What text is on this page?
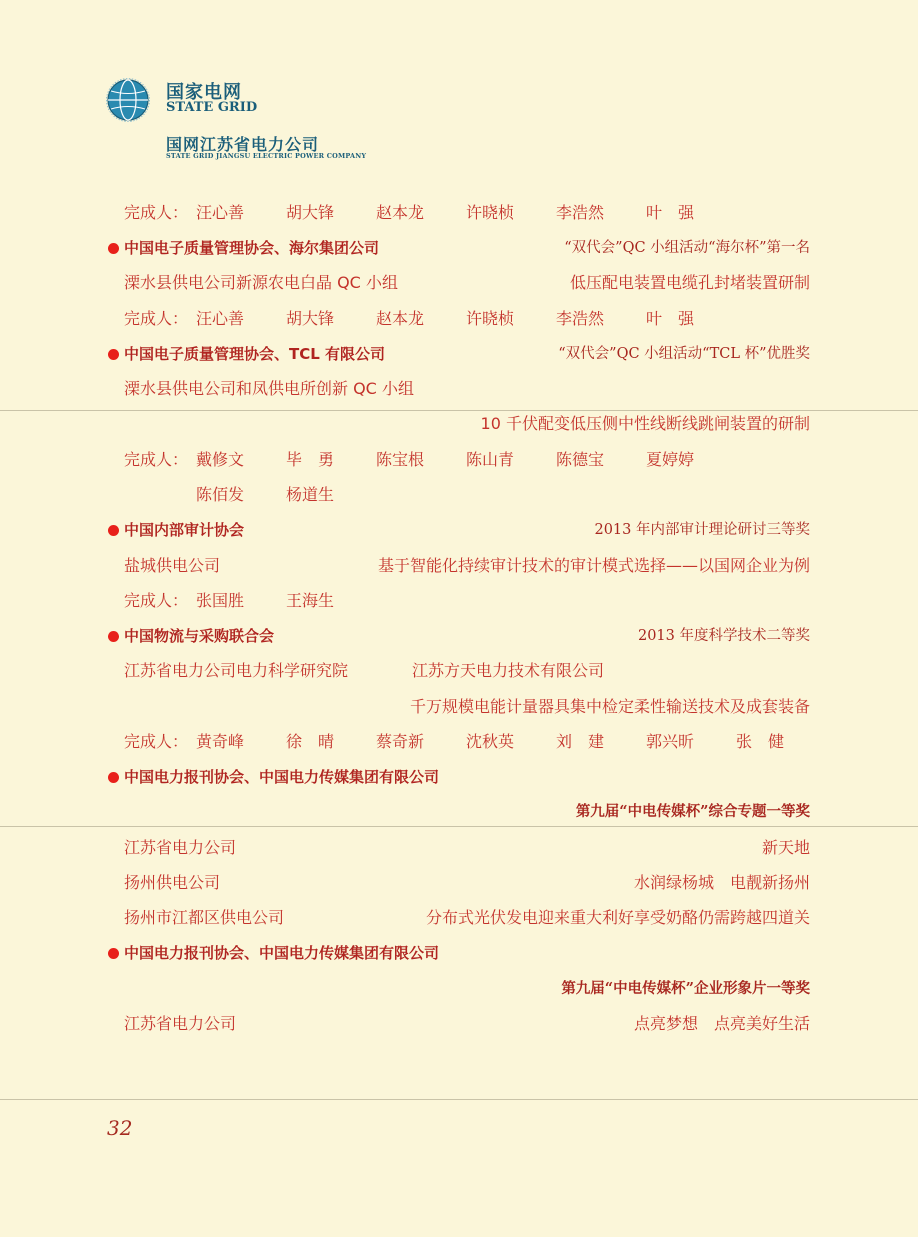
国家电网
STATE GRID
国网江苏省电力公司
STATE GRID JIANGSU ELECTRIC POWER COMPANY
完成人： 汪心善	胡大锋	赵本龙	许晓桢	李浩然	叶　强
中国电子质量管理协会、海尔集团公司	“双代会”QC 小组活动“海尔杯”第一名
溧水县供电公司新源农电白晶 QC 小组	低压配电装置电缆孔封堵装置研制
完成人： 汪心善	胡大锋	赵本龙	许晓桢	李浩然	叶　强
中国电子质量管理协会、TCL 有限公司	“双代会”QC 小组活动“TCL 杯”优胜奖
溧水县供电公司和凤供电所创新 QC 小组
10 千伏配变低压侧中性线断线跳闸装置的研制
完成人： 戴修文	毕　勇	陈宝根	陈山青	陈德宝	夏婷婷
陈佰发	杨道生
中国内部审计协会	2013 年内部审计理论研讨三等奖
盐城供电公司	基于智能化持续审计技术的审计模式选择——以国网企业为例
完成人： 张国胜	王海生
中国物流与采购联合会	2013 年度科学技术二等奖
江苏省电力公司电力科学研究院	江苏方天电力技术有限公司
千万规模电能计量器具集中检定柔性输送技术及成套装备
完成人： 黄奇峰	徐　晴	蔡奇新	沈秋英	刘　建	郭兴昕	张　健
中国电力报刊协会、中国电力传媒集团有限公司
第九届“中电传媒杯”综合专题一等奖
江苏省电力公司	新天地
扬州供电公司	水润绿杨城　电靓新扬州
扬州市江都区供电公司	分布式光伏发电迎来重大利好享受奶酪仍需跨越四道关
中国电力报刊协会、中国电力传媒集团有限公司
第九届“中电传媒杯”企业形象片一等奖
江苏省电力公司	点亮梦想　点亮美好生活
32
